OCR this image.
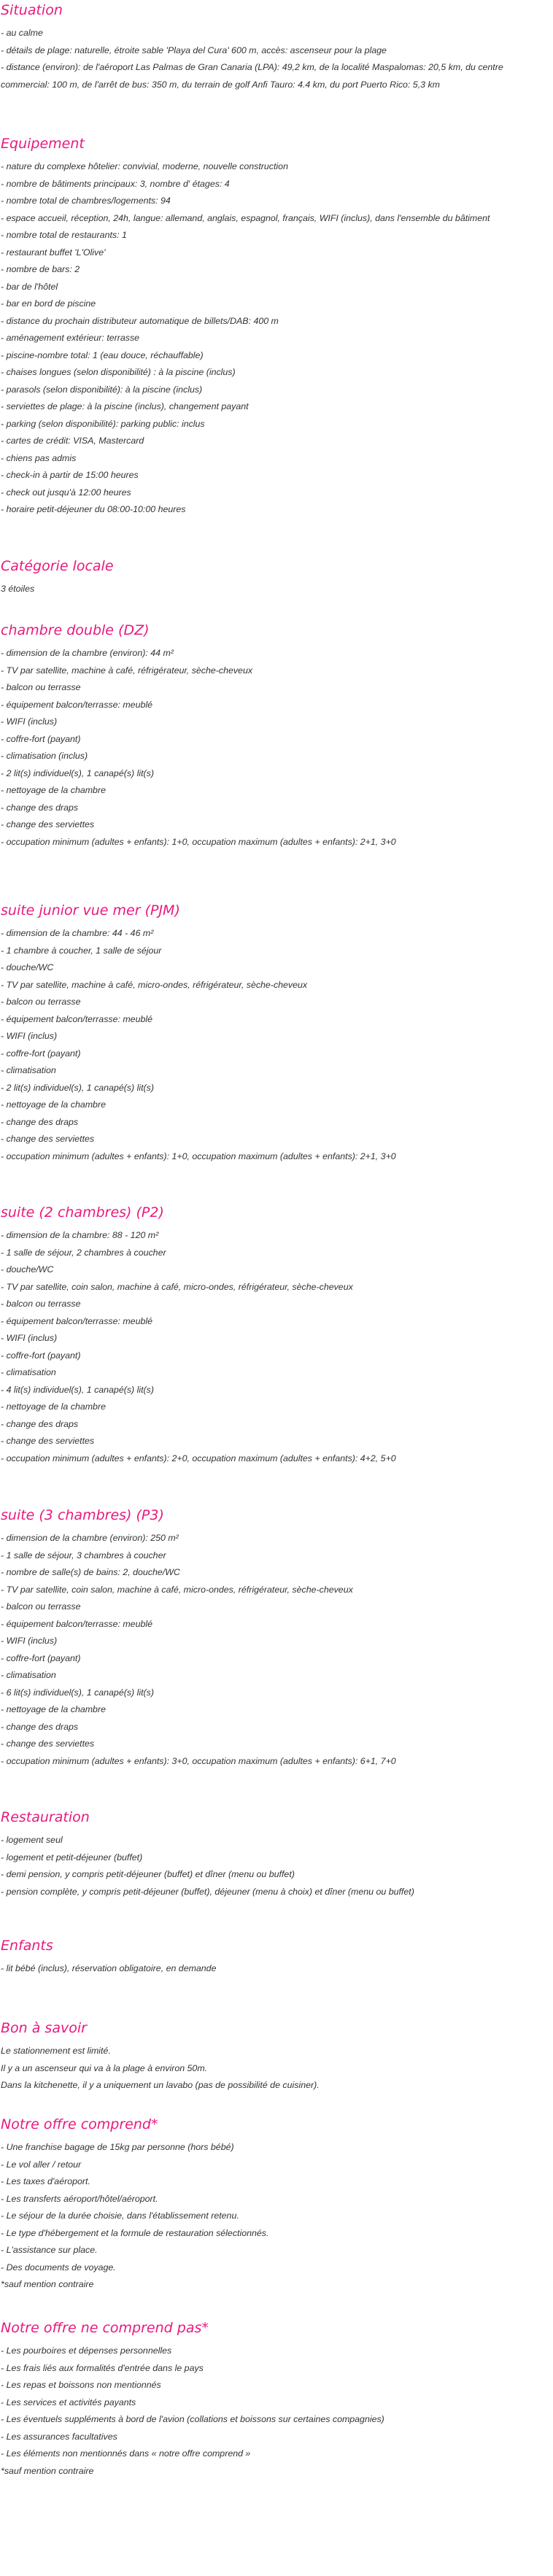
Situation
- au calme
- détails de plage: naturelle, étroite sable 'Playa del Cura' 600 m, accès: ascenseur pour la plage
- distance (environ): de l'aéroport Las Palmas de Gran Canaria (LPA): 49,2 km, de la localité Maspalomas: 20,5 km, du centre commercial: 100 m, de l'arrêt de bus: 350 m, du terrain de golf Anfi Tauro: 4.4 km, du port Puerto Rico: 5,3 km
Equipement
- nature du complexe hôtelier: convivial, moderne, nouvelle construction
- nombre de bâtiments principaux: 3, nombre d' étages: 4
- nombre total de chambres/logements: 94
- espace accueil, réception, 24h, langue: allemand, anglais, espagnol, français, WIFI (inclus), dans l'ensemble du bâtiment
- nombre total de restaurants: 1
- restaurant buffet 'L'Olive'
- nombre de bars: 2
- bar de l'hôtel
- bar en bord de piscine
- distance du prochain distributeur automatique de billets/DAB: 400 m
- aménagement extérieur: terrasse
- piscine-nombre total: 1 (eau douce, réchauffable)
- chaises longues (selon disponibilité) : à la piscine (inclus)
- parasols (selon disponibilité): à la piscine (inclus)
- serviettes de plage: à la piscine (inclus), changement payant
- parking (selon disponibilité): parking public: inclus
- cartes de crédit: VISA, Mastercard
- chiens pas admis
- check-in à partir de 15:00 heures
- check out jusqu'à 12:00 heures
- horaire petit-déjeuner du 08:00-10:00 heures
Catégorie locale
3 étoiles
chambre double (DZ)
- dimension de la chambre (environ): 44 m²
- TV par satellite, machine à café, réfrigérateur, sèche-cheveux
- balcon ou terrasse
- équipement balcon/terrasse: meublé
- WIFI (inclus)
- coffre-fort (payant)
- climatisation (inclus)
- 2 lit(s) individuel(s), 1 canapé(s) lit(s)
- nettoyage de la chambre
- change des draps
- change des serviettes
- occupation minimum (adultes + enfants): 1+0, occupation maximum (adultes + enfants): 2+1, 3+0
suite junior vue mer (PJM)
- dimension de la chambre: 44 - 46 m²
- 1 chambre à coucher, 1 salle de séjour
- douche/WC
- TV par satellite, machine à café, micro-ondes, réfrigérateur, sèche-cheveux
- balcon ou terrasse
- équipement balcon/terrasse: meublé
- WIFI (inclus)
- coffre-fort (payant)
- climatisation
- 2 lit(s) individuel(s), 1 canapé(s) lit(s)
- nettoyage de la chambre
- change des draps
- change des serviettes
- occupation minimum (adultes + enfants): 1+0, occupation maximum (adultes + enfants): 2+1, 3+0
suite (2 chambres) (P2)
- dimension de la chambre: 88 - 120 m²
- 1 salle de séjour, 2 chambres à coucher
- douche/WC
- TV par satellite, coin salon, machine à café, micro-ondes, réfrigérateur, sèche-cheveux
- balcon ou terrasse
- équipement balcon/terrasse: meublé
- WIFI (inclus)
- coffre-fort (payant)
- climatisation
- 4 lit(s) individuel(s), 1 canapé(s) lit(s)
- nettoyage de la chambre
- change des draps
- change des serviettes
- occupation minimum (adultes + enfants): 2+0, occupation maximum (adultes + enfants): 4+2, 5+0
suite (3 chambres) (P3)
- dimension de la chambre (environ): 250 m²
- 1 salle de séjour, 3 chambres à coucher
- nombre de salle(s) de bains: 2, douche/WC
- TV par satellite, coin salon, machine à café, micro-ondes, réfrigérateur, sèche-cheveux
- balcon ou terrasse
- équipement balcon/terrasse: meublé
- WIFI (inclus)
- coffre-fort (payant)
- climatisation
- 6 lit(s) individuel(s), 1 canapé(s) lit(s)
- nettoyage de la chambre
- change des draps
- change des serviettes
- occupation minimum (adultes + enfants): 3+0, occupation maximum (adultes + enfants): 6+1, 7+0
Restauration
- logement seul
- logement et petit-déjeuner (buffet)
- demi pension, y compris petit-déjeuner (buffet) et dîner (menu ou buffet)
- pension complète, y compris petit-déjeuner (buffet), déjeuner (menu à choix) et dîner (menu ou buffet)
Enfants
- lit bébé (inclus), réservation obligatoire, en demande
Bon à savoir
Le stationnement est limité.
Il y a un ascenseur qui va à la plage à environ 50m.
Dans la kitchenette, il y a uniquement un lavabo (pas de possibilité de cuisiner).
Notre offre comprend*
- Une franchise bagage de 15kg par personne (hors bébé)
- Le vol aller / retour
- Les taxes d'aéroport.
- Les transferts aéroport/hôtel/aéroport.
- Le séjour de la durée choisie, dans l'établissement retenu.
- Le type d'hébergement et la formule de restauration sélectionnés.
- L'assistance sur place.
- Des documents de voyage.
*sauf mention contraire
Notre offre ne comprend pas*
- Les pourboires et dépenses personnelles
- Les frais liés aux formalités d'entrée dans le pays
- Les repas et boissons non mentionnés
- Les services et activités payants
- Les éventuels suppléments à bord de l'avion (collations et boissons sur certaines compagnies)
- Les assurances facultatives
- Les éléments non mentionnés dans « notre offre comprend »
*sauf mention contraire
